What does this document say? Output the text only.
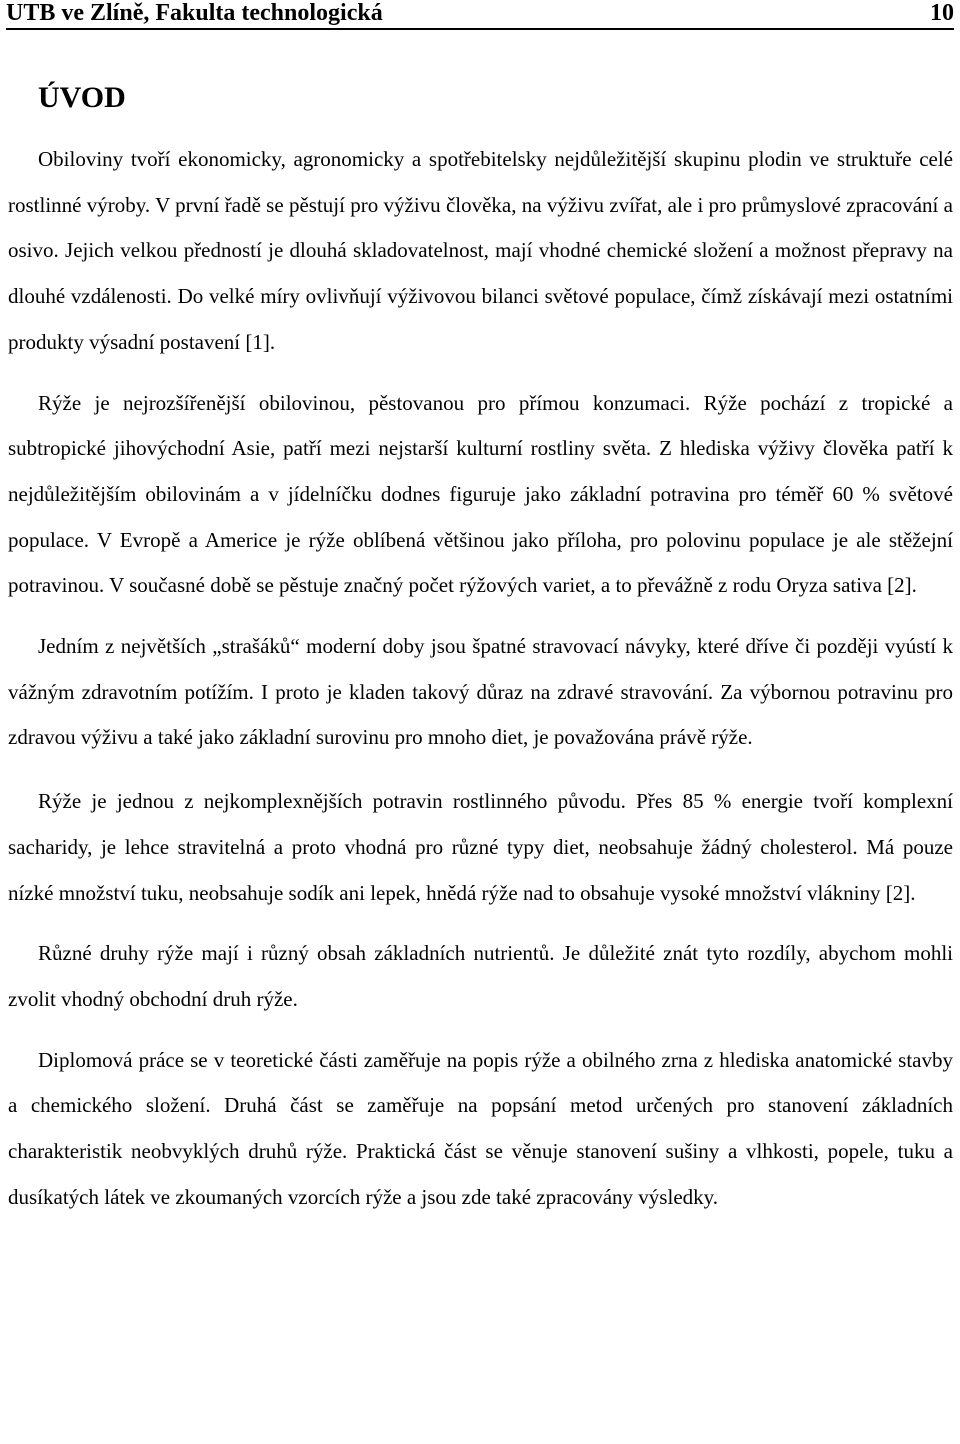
UTB ve Zlíně, Fakulta technologická	10
ÚVOD

Obiloviny tvoří ekonomicky, agronomicky a spotřebitelsky nejdůležitější skupinu plodin ve struktuře celé rostlinné výroby. V první řadě se pěstují pro výživu člověka, na výživu zvířat, ale i pro průmyslové zpracování a osivo. Jejich velkou předností je dlouhá skladovatelnost, mají vhodné chemické složení a možnost přepravy na dlouhé vzdálenosti. Do velké míry ovlivňují výživovou bilanci světové populace, čímž získávají mezi ostatními produkty výsadní postavení [1].

Rýže je nejrozšířenější obilovinou, pěstovanou pro přímou konzumaci. Rýže pochází z tropické a subtropické jihovýchodní Asie, patří mezi nejstarší kulturní rostliny světa. Z hlediska výživy člověka patří k nejdůležitějším obilovinám a v jídelníčku dodnes figuruje jako základní potravina pro téměř 60 % světové populace. V Evropě a Americe je rýže oblíbená většinou jako příloha, pro polovinu populace je ale stěžejní potravinou. V současné době se pěstuje značný počet rýžových variet, a to převážně z rodu Oryza sativa [2].

Jedním z největších „strašáků“ moderní doby jsou špatné stravovací návyky, které dříve či později vyústí k vážným zdravotním potížím. I proto je kladen takový důraz na zdravé stravování. Za výbornou potravinu pro zdravou výživu a také jako základní surovinu pro mnoho diet, je považována právě rýže.

Rýže je jednou z nejkomplexnějších potravin rostlinného původu. Přes 85 % energie tvoří komplexní sacharidy, je lehce stravitelná a proto vhodná pro různé typy diet, neobsahuje žádný cholesterol. Má pouze nízké množství tuku, neobsahuje sodík ani lepek, hnědá rýže nad to obsahuje vysoké množství vlákniny [2].

Různé druhy rýže mají i různý obsah základních nutrientů. Je důležité znát tyto rozdíly, abychom mohli zvolit vhodný obchodní druh rýže.

Diplomová práce se v teoretické části zaměřuje na popis rýže a obilného zrna z hlediska anatomické stavby a chemického složení. Druhá část se zaměřuje na popsání metod určených pro stanovení základních charakteristik neobvyklých druhů rýže. Praktická část se věnuje stanovení sušiny a vlhkosti, popele, tuku a dusíkatých látek ve zkoumaných vzorcích rýže a jsou zde také zpracovány výsledky.
